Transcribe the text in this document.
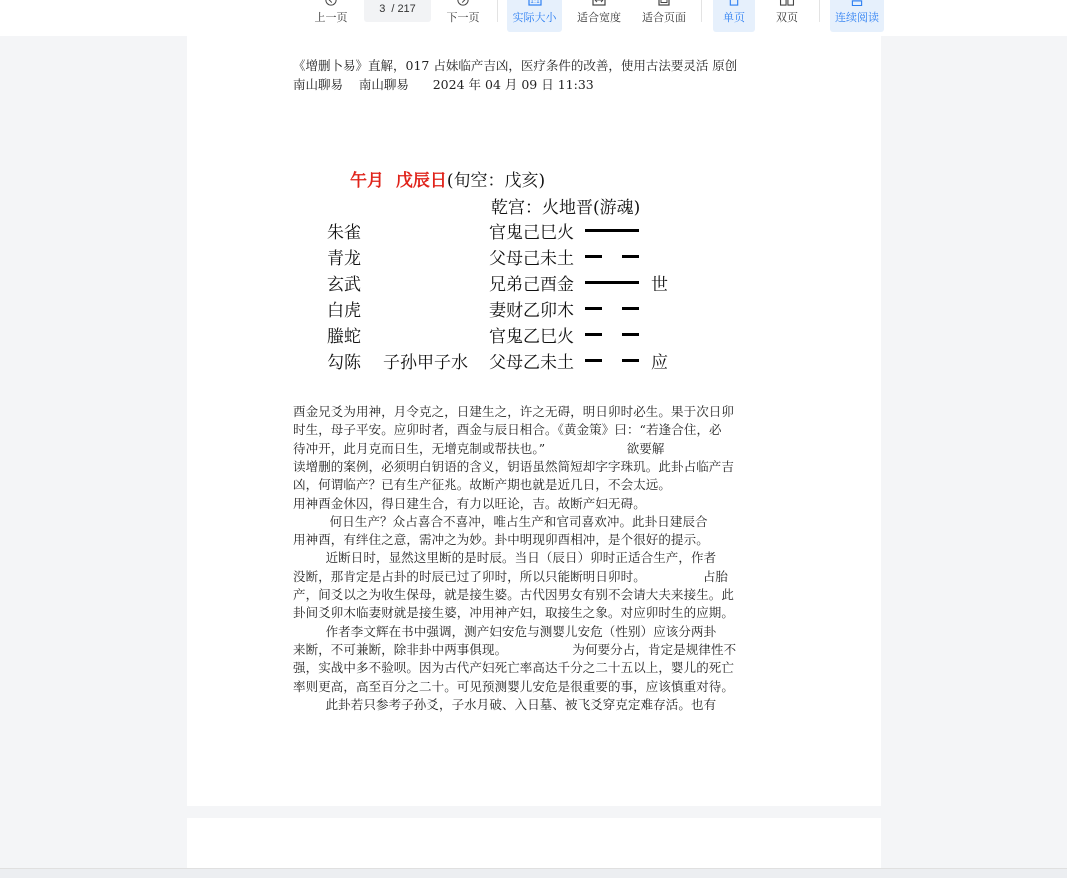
上一页
3 / 217
下一页
1:1
实际大小 适合宽度 适合页面	单页	双页	连续阅读
《增删卜易》直解，017 占妹临产吉凶，医疗条件的改善，使用古法要灵活 原创
南山聊易    南山聊易      2024 年 04 月 09 日 11:33
午月  戊辰日(旬空：戊亥)
乾宫：火地晋(游魂)
朱雀	官鬼己巳火
青龙	父母己未土
玄武	兄弟己酉金	世
白虎	妻财乙卯木
螣蛇	官鬼乙巳火
勾陈 子孙甲子水 父母乙未土	应
酉金兄爻为用神，月令克之，日建生之，许之无碍，明日卯时必生。果于次日卯
时生，母子平安。应卯时者，酉金与辰日相合。《黄金策》曰：“若逢合住，必
待冲开，此月克而日生，无增克制或帮扶也。”                    欲要解
读增删的案例，必须明白钥语的含义，钥语虽然简短却字字珠玑。此卦占临产吉
凶，何谓临产？已有生产征兆。故断产期也就是近几日，不会太远。
用神酉金休囚，得日建生合，有力以旺论，吉。故断产妇无碍。
何日生产？众占喜合不喜冲，唯占生产和官司喜欢冲。此卦日建辰合
用神酉，有绊住之意，需冲之为妙。卦中明现卯酉相冲，是个很好的提示。
近断日时，显然这里断的是时辰。当日（辰日）卯时正适合生产，作者
没断，那肯定是占卦的时辰已过了卯时，所以只能断明日卯时。              占胎
产，间爻以之为收生保母，就是接生婆。古代因男女有别不会请大夫来接生。此
卦间爻卯木临妻财就是接生婆，冲用神产妇，取接生之象。对应卯时生的应期。
作者李文辉在书中强调，测产妇安危与测婴儿安危（性别）应该分两卦
来断，不可兼断，除非卦中两事俱现。                为何要分占，肯定是规律性不
强，实战中多不验呗。因为古代产妇死亡率高达千分之二十五以上，婴儿的死亡
率则更高，高至百分之二十。可见预测婴儿安危是很重要的事，应该慎重对待。
此卦若只参考子孙爻，子水月破、入日墓、被飞爻穿克定难存活。也有
